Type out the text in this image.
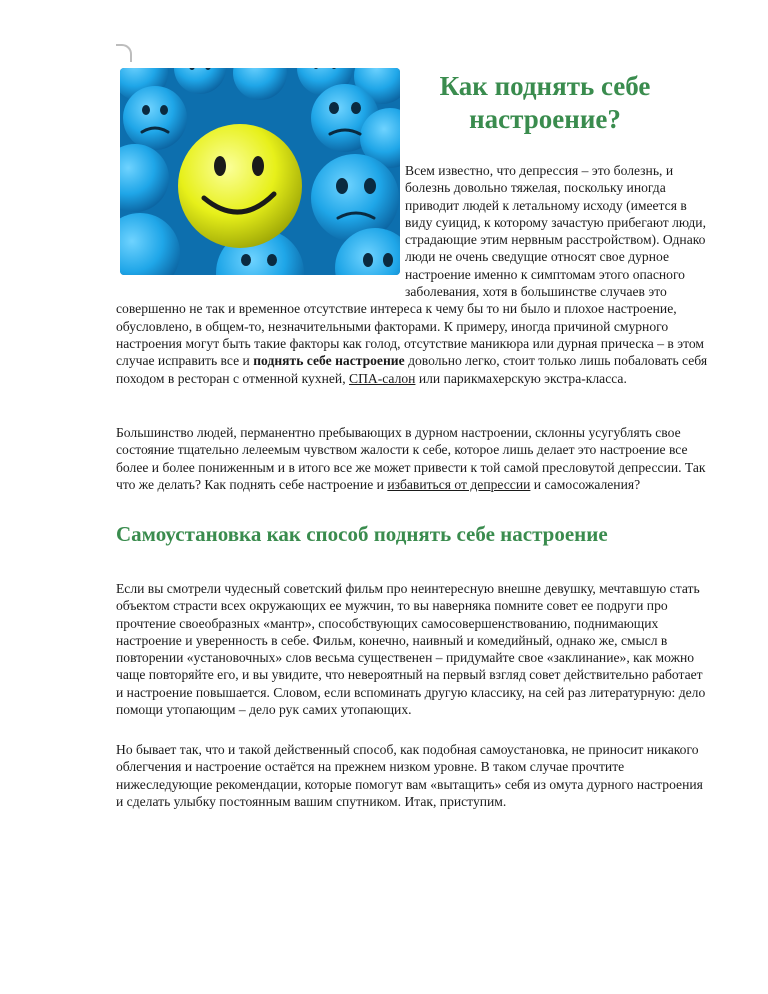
Как поднять себе настроение?

Всем известно, что депрессия – это болезнь, и болезнь довольно тяжелая, поскольку иногда приводит людей к летальному исходу (имеется в виду суицид, к которому зачастую прибегают люди, страдающие этим нервным расстройством). Однако люди не очень сведущие относят свое дурное настроение именно к симптомам этого опасного заболевания, хотя в большинстве случаев это совершенно не так и временное отсутствие интереса к чему бы то ни было и плохое настроение, обусловлено, в общем-то, незначительными факторами. К примеру, иногда причиной смурного настроения могут быть такие факторы как голод, отсутствие маникюра или дурная прическа – в этом случае исправить все и поднять себе настроение довольно легко, стоит только лишь побаловать себя походом в ресторан с отменной кухней, СПА-салон или парикмахерскую экстра-класса.

Большинство людей, перманентно пребывающих в дурном настроении, склонны усугублять свое состояние тщательно лелеемым чувством жалости к себе, которое лишь делает это настроение все более и более пониженным и в итого все же может привести к той самой пресловутой депрессии. Так что же делать? Как поднять себе настроение и избавиться от депрессии и самосожаления?

Самоустановка как способ поднять себе настроение

Если вы смотрели чудесный советский фильм про неинтересную внешне девушку, мечтавшую стать объектом страсти всех окружающих ее мужчин, то вы наверняка помните совет ее подруги про прочтение своеобразных «мантр», способствующих самосовершенствованию, поднимающих настроение и уверенность в себе. Фильм, конечно, наивный и комедийный, однако же, смысл в повторении «установочных» слов весьма существенен – придумайте свое «заклинание», как можно чаще повторяйте его, и вы увидите, что невероятный на первый взгляд совет действительно работает и настроение повышается. Словом, если вспоминать другую классику, на сей раз литературную: дело помощи утопающим – дело рук самих утопающих.

Но бывает так, что и такой действенный способ, как подобная самоустановка, не приносит никакого облегчения и настроение остаётся на прежнем низком уровне. В таком случае прочтите нижеследующие рекомендации, которые помогут вам «вытащить» себя из омута дурного настроения и сделать улыбку постоянным вашим спутником. Итак, приступим.
